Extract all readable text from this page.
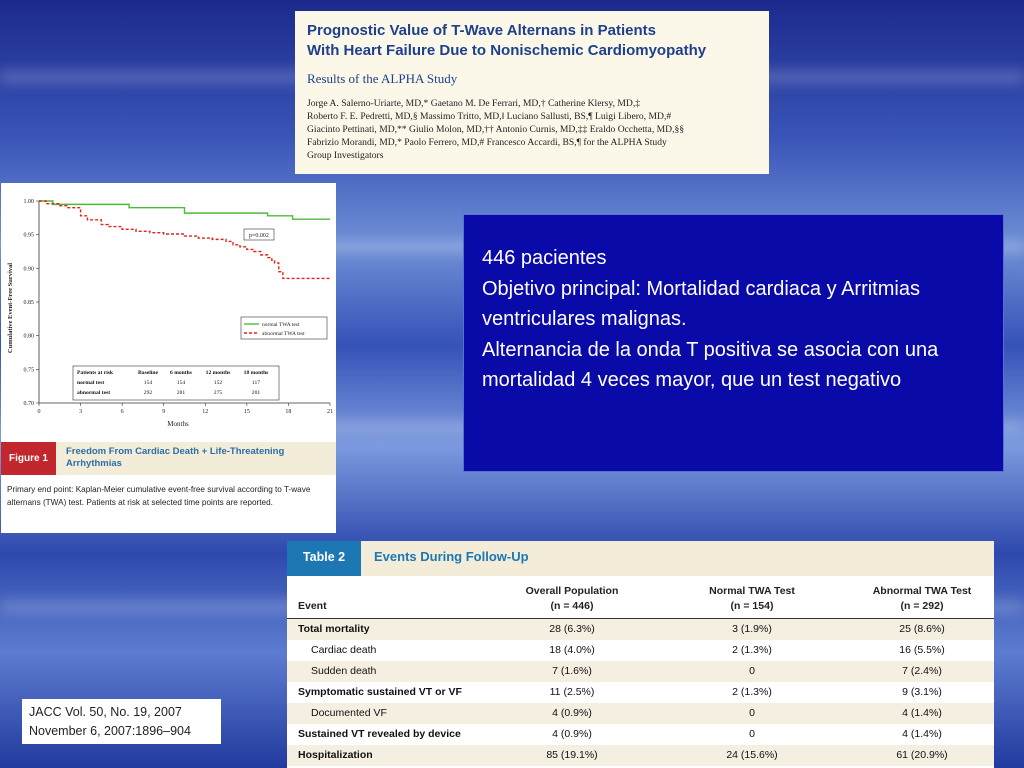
Prognostic Value of T-Wave Alternans in Patients
With Heart Failure Due to Nonischemic Cardiomyopathy
Results of the ALPHA Study
Jorge A. Salerno-Uriarte, MD,* Gaetano M. De Ferrari, MD,† Catherine Klersy, MD,‡
Roberto F. E. Pedretti, MD,§ Massimo Tritto, MD,‖ Luciano Sallusti, BS,¶ Luigi Libero, MD,#
Giacinto Pettinati, MD,** Giulio Molon, MD,†† Antonio Curnis, MD,‡‡ Eraldo Occhetta, MD,§§
Fabrizio Morandi, MD,* Paolo Ferrero, MD,# Francesco Accardi, BS,¶ for the ALPHA Study
Group Investigators
1.00
0.95
0.90
0.85
0.80
0.75
0.70
0	3	6	9	12	15	18	21
Cumulative Event-Free Survival
Months
p=0.002
normal TWA test
abnormal TWA test
Patients at risk	Baseline 6 months 12 months 18 months
normal test	154	154	152	117
abnormal test	292	281	275	201
Figure 1
Freedom From Cardiac Death + Life-Threatening Arrhythmias
Primary end point: Kaplan-Meier cumulative event-free survival according to T-wave alternans (TWA) test. Patients at risk at selected time points are reported.
446 pacientes
Objetivo principal: Mortalidad cardiaca y Arritmias ventriculares malignas.
Alternancia de la onda T positiva se asocia con una mortalidad 4 veces mayor, que un test negativo
Table 2	Events During Follow-Up
Event
Overall Population
(n = 446)
Normal TWA Test
(n = 154)
Abnormal TWA Test
(n = 292)
Total mortality	28 (6.3%)	3 (1.9%)	25 (8.6%)
Cardiac death	18 (4.0%)	2 (1.3%)	16 (5.5%)
Sudden death	7 (1.6%)	0	7 (2.4%)
Symptomatic sustained VT or VF	11 (2.5%)	2 (1.3%)	9 (3.1%)
Documented VF	4 (0.9%)	0	4 (1.4%)
Sustained VT revealed by device	4 (0.9%)	0	4 (1.4%)
Hospitalization	85 (19.1%)	24 (15.6%)	61 (20.9%)
JACC Vol. 50, No. 19, 2007
November 6, 2007:1896–904
